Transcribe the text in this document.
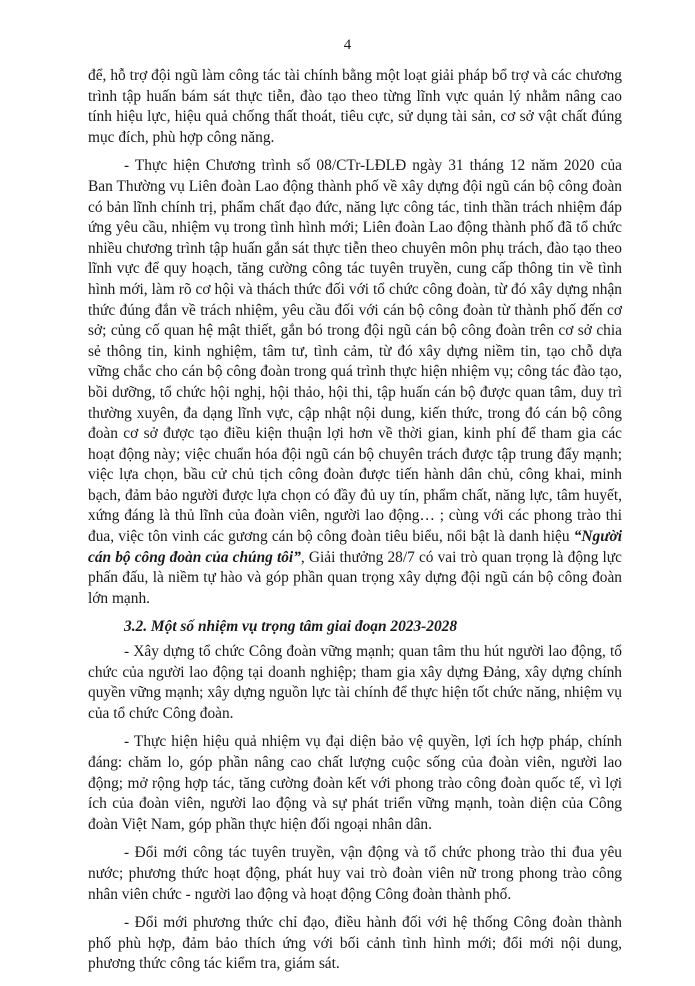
4

để, hỗ trợ đội ngũ làm công tác tài chính bằng một loạt giải pháp bổ trợ và các chương trình tập huấn bám sát thực tiễn, đào tạo theo từng lĩnh vực quản lý nhằm nâng cao tính hiệu lực, hiệu quả chống thất thoát, tiêu cực, sử dụng tài sản, cơ sở vật chất đúng mục đích, phù hợp công năng.

- Thực hiện Chương trình số 08/CTr-LĐLĐ ngày 31 tháng 12 năm 2020 của Ban Thường vụ Liên đoàn Lao động thành phố về xây dựng đội ngũ cán bộ công đoàn có bản lĩnh chính trị, phẩm chất đạo đức, năng lực công tác, tinh thần trách nhiệm đáp ứng yêu cầu, nhiệm vụ trong tình hình mới; Liên đoàn Lao động thành phố đã tổ chức nhiều chương trình tập huấn gắn sát thực tiễn theo chuyên môn phụ trách, đào tạo theo lĩnh vực để quy hoạch, tăng cường công tác tuyên truyền, cung cấp thông tin về tình hình mới, làm rõ cơ hội và thách thức đối với tổ chức công đoàn, từ đó xây dựng nhận thức đúng đắn về trách nhiệm, yêu cầu đối với cán bộ công đoàn từ thành phố đến cơ sở; củng cố quan hệ mật thiết, gắn bó trong đội ngũ cán bộ công đoàn trên cơ sở chia sẻ thông tin, kinh nghiệm, tâm tư, tình cảm, từ đó xây dựng niềm tin, tạo chỗ dựa vững chắc cho cán bộ công đoàn trong quá trình thực hiện nhiệm vụ; công tác đào tạo, bồi dưỡng, tổ chức hội nghị, hội thảo, hội thi, tập huấn cán bộ được quan tâm, duy trì thường xuyên, đa dạng lĩnh vực, cập nhật nội dung, kiến thức, trong đó cán bộ công đoàn cơ sở được tạo điều kiện thuận lợi hơn về thời gian, kinh phí để tham gia các hoạt động này; việc chuẩn hóa đội ngũ cán bộ chuyên trách được tập trung đẩy mạnh; việc lựa chọn, bầu cử chủ tịch công đoàn được tiến hành dân chủ, công khai, minh bạch, đảm bảo người được lựa chọn có đầy đủ uy tín, phẩm chất, năng lực, tâm huyết, xứng đáng là thủ lĩnh của đoàn viên, người lao động… ; cùng với các phong trào thi đua, việc tôn vinh các gương cán bộ công đoàn tiêu biểu, nổi bật là danh hiệu “Người cán bộ công đoàn của chúng tôi”, Giải thưởng 28/7 có vai trò quan trọng là động lực phấn đấu, là niềm tự hào và góp phần quan trọng xây dựng đội ngũ cán bộ công đoàn lớn mạnh.

3.2. Một số nhiệm vụ trọng tâm giai đoạn 2023-2028

- Xây dựng tổ chức Công đoàn vững mạnh; quan tâm thu hút người lao động, tổ chức của người lao động tại doanh nghiệp; tham gia xây dựng Đảng, xây dựng chính quyền vững mạnh; xây dựng nguồn lực tài chính để thực hiện tốt chức năng, nhiệm vụ của tổ chức Công đoàn.

- Thực hiện hiệu quả nhiệm vụ đại diện bảo vệ quyền, lợi ích hợp pháp, chính đáng: chăm lo, góp phần nâng cao chất lượng cuộc sống của đoàn viên, người lao động; mở rộng hợp tác, tăng cường đoàn kết với phong trào công đoàn quốc tế, vì lợi ích của đoàn viên, người lao động và sự phát triển vững mạnh, toàn diện của Công đoàn Việt Nam, góp phần thực hiện đối ngoại nhân dân.

- Đổi mới công tác tuyên truyền, vận động và tổ chức phong trào thi đua yêu nước; phương thức hoạt động, phát huy vai trò đoàn viên nữ trong phong trào công nhân viên chức - người lao động và hoạt động Công đoàn thành phố.

- Đổi mới phương thức chỉ đạo, điều hành đối với hệ thống Công đoàn thành phố phù hợp, đảm bảo thích ứng với bối cảnh tình hình mới; đổi mới nội dung, phương thức công tác kiểm tra, giám sát.
